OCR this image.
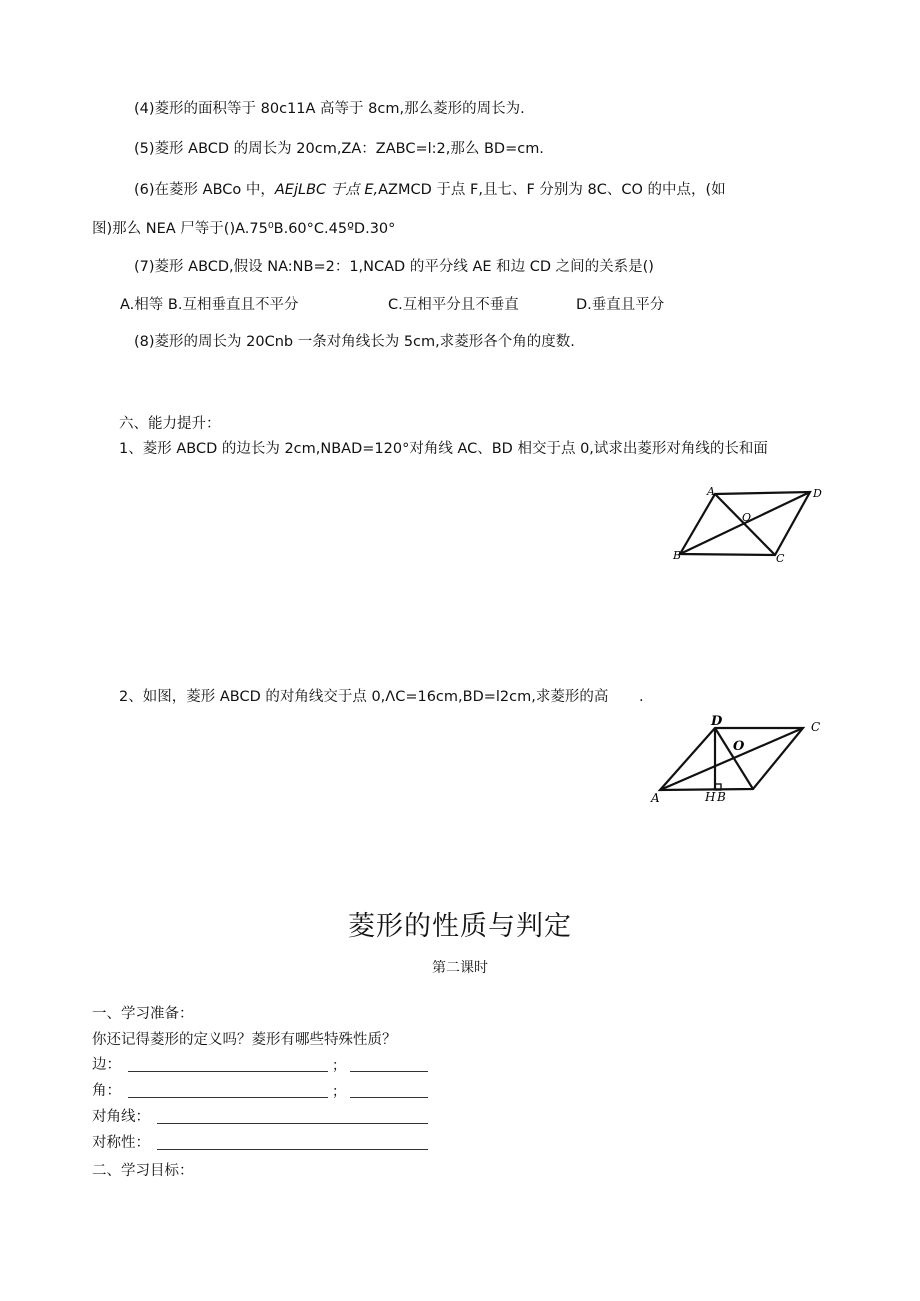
(4)菱形的面积等于 80c11A 高等于 8cm,那么菱形的周长为.
(5)菱形 ABCD 的周长为 20cm,ZA：ZABC=l:2,那么 BD=cm.
(6)在菱形 ABCo 中，AEjLBC 于点 E,AZMCD 于点 F,且七、F 分别为 8C、CO 的中点，(如
图)那么 NEA 尸等于()A.75⁰B.60°C.45ºD.30°
(7)菱形 ABCD,假设 NA:NB=2：1,NCAD 的平分线 AE 和边 CD 之间的关系是()
A.相等 B.互相垂直且不平分	C.互相平分且不垂直	D.垂直且平分
(8)菱形的周长为 20Cnb 一条对角线长为 5cm,求菱形各个角的度数.
六、能力提升：
1、菱形 ABCD 的边长为 2cm,NBAD=120°对角线 AC、BD 相交于点 0,试求出菱形对角线的长和面
A	D
O
B	C
2、如图，菱形 ABCD 的对角线交于点 0,ΛC=16cm,BD=l2cm,求菱形的高 .
D	C
O
A	H B
菱形的性质与判定
第二课时
一、学习准备：
你还记得菱形的定义吗？菱形有哪些特殊性质？
边：	；
角：	；
对角线：
对称性：
二、学习目标：
